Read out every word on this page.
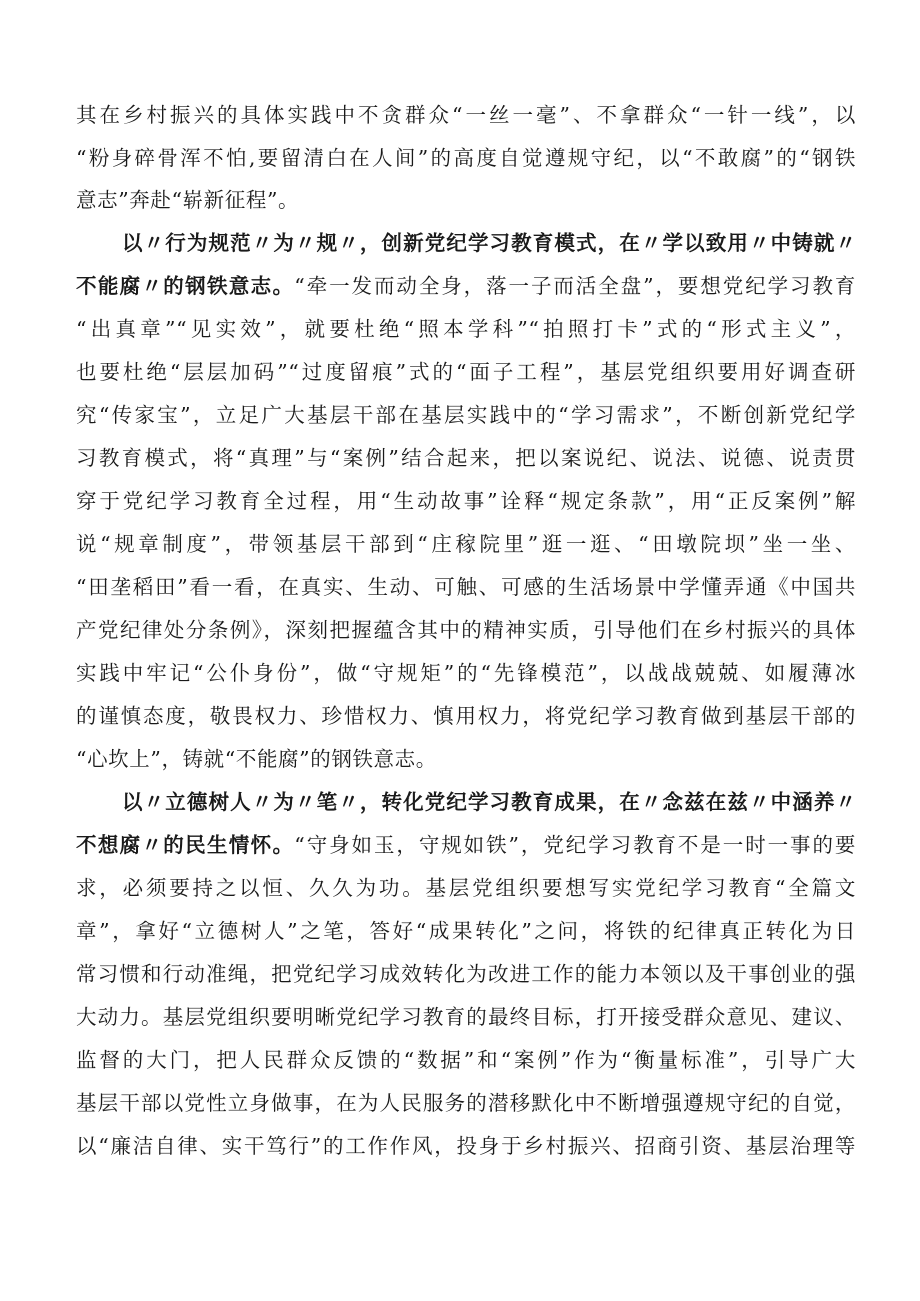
其在乡村振兴的具体实践中不贪群众“一丝一毫”、不拿群众“一针一线”，以
“粉身碎骨浑不怕,要留清白在人间”的高度自觉遵规守纪，以“不敢腐”的“钢铁
意志”奔赴“崭新征程”。
以〃行为规范〃为〃规〃，创新党纪学习教育模式，在〃学以致用〃中铸就〃
不能腐〃的钢铁意志。“牵一发而动全身，落一子而活全盘”，要想党纪学习教育
“出真章”“见实效”，就要杜绝“照本学科”“拍照打卡”式的“形式主义”，
也要杜绝“层层加码”“过度留痕”式的“面子工程”，基层党组织要用好调查研
究“传家宝”，立足广大基层干部在基层实践中的“学习需求”，不断创新党纪学
习教育模式，将“真理”与“案例”结合起来，把以案说纪、说法、说德、说责贯
穿于党纪学习教育全过程，用“生动故事”诠释“规定条款”，用“正反案例”解
说“规章制度”，带领基层干部到“庄稼院里”逛一逛、“田墩院坝”坐一坐、
“田垄稻田”看一看，在真实、生动、可触、可感的生活场景中学懂弄通《中国共
产党纪律处分条例》，深刻把握蕴含其中的精神实质，引导他们在乡村振兴的具体
实践中牢记“公仆身份”，做“守规矩”的“先锋模范”，以战战兢兢、如履薄冰
的谨慎态度，敬畏权力、珍惜权力、慎用权力，将党纪学习教育做到基层干部的
“心坎上”，铸就“不能腐”的钢铁意志。
以〃立德树人〃为〃笔〃，转化党纪学习教育成果，在〃念兹在兹〃中涵养〃
不想腐〃的民生情怀。“守身如玉，守规如铁”，党纪学习教育不是一时一事的要
求，必须要持之以恒、久久为功。基层党组织要想写实党纪学习教育“全篇文
章”，拿好“立德树人”之笔，答好“成果转化”之问，将铁的纪律真正转化为日
常习惯和行动准绳，把党纪学习成效转化为改进工作的能力本领以及干事创业的强
大动力。基层党组织要明晰党纪学习教育的最终目标，打开接受群众意见、建议、
监督的大门，把人民群众反馈的“数据”和“案例”作为“衡量标准”，引导广大
基层干部以党性立身做事，在为人民服务的潜移默化中不断增强遵规守纪的自觉，
以“廉洁自律、实干笃行”的工作作风，投身于乡村振兴、招商引资、基层治理等
